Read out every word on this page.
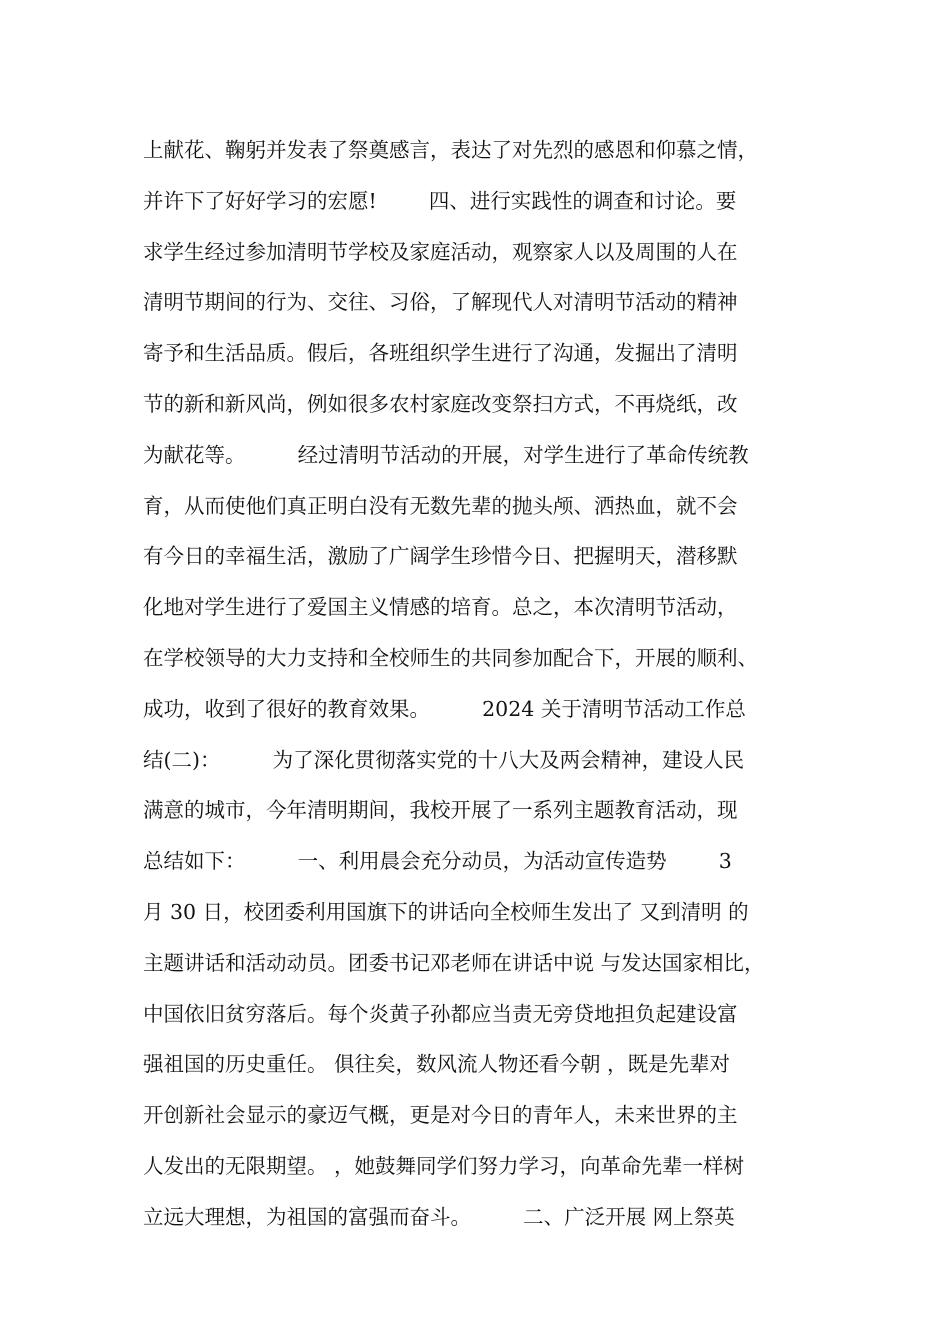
上献花、鞠躬并发表了祭奠感言，表达了对先烈的感恩和仰慕之情，
并许下了好好学习的宏愿!        四、进行实践性的调查和讨论。要
求学生经过参加清明节学校及家庭活动，观察家人以及周围的人在
清明节期间的行为、交往、习俗，了解现代人对清明节活动的精神
寄予和生活品质。假后，各班组织学生进行了沟通，发掘出了清明
节的新和新风尚，例如很多农村家庭改变祭扫方式，不再烧纸，改
为献花等。        经过清明节活动的开展，对学生进行了革命传统教
育，从而使他们真正明白没有无数先辈的抛头颅、洒热血，就不会
有今日的幸福生活，激励了广阔学生珍惜今日、把握明天，潜移默
化地对学生进行了爱国主义情感的培育。总之，本次清明节活动，
在学校领导的大力支持和全校师生的共同参加配合下，开展的顺利、
成功，收到了很好的教育效果。        2024 关于清明节活动工作总
结(二)：        为了深化贯彻落实党的十八大及两会精神，建设人民
满意的城市，今年清明期间，我校开展了一系列主题教育活动，现
总结如下：        一、利用晨会充分动员，为活动宣传造势        3
月 30 日，校团委利用国旗下的讲话向全校师生发出了 又到清明 的
主题讲话和活动动员。团委书记邓老师在讲话中说 与发达国家相比，
中国依旧贫穷落后。每个炎黄子孙都应当责无旁贷地担负起建设富
强祖国的历史重任。 俱往矣，数风流人物还看今朝 ，既是先辈对
开创新社会显示的豪迈气概，更是对今日的青年人，未来世界的主
人发出的无限期望。 ，她鼓舞同学们努力学习，向革命先辈一样树
立远大理想，为祖国的富强而奋斗。        二、广泛开展 网上祭英
